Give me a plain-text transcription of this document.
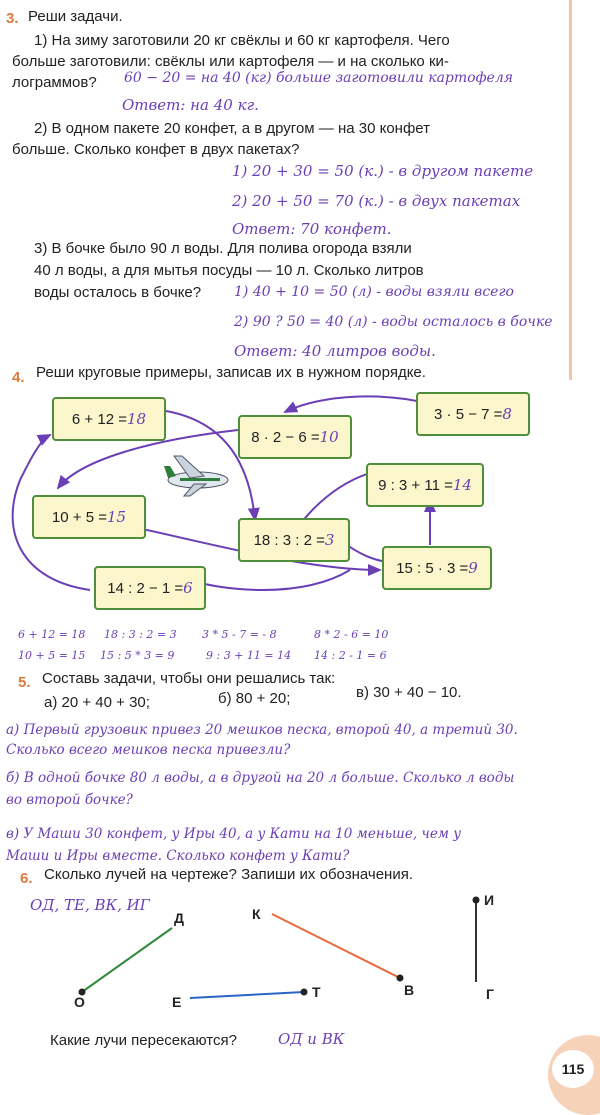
3. Реши задачи.
1) На зиму заготовили 20 кг свёклы и 60 кг картофеля. Чего
больше заготовили: свёклы или картофеля — и на сколько ки-
лограммов? 60 − 20 = на 40 (кг) больше заготовили картофеля
Ответ: на 40 кг.
2) В одном пакете 20 конфет, а в другом — на 30 конфет
больше. Сколько конфет в двух пакетах?
1) 20 + 30 = 50 (к.) - в другом пакете
2) 20 + 50 = 70 (к.) - в двух пакетах
Ответ: 70 конфет.
3) В бочке было 90 л воды. Для полива огорода взяли
40 л воды, а для мытья посуды — 10 л. Сколько литров
воды осталось в бочке? 1) 40 + 10 = 50 (л) - воды взяли всего
2) 90 ? 50 = 40 (л) - воды осталось в бочке
Ответ: 40 литров воды.
4. Реши круговые примеры, записав их в нужном порядке.
6 + 12 = 18
8 · 2 − 6 = 10
3 · 5 − 7 = 8
9 : 3 + 11 = 14
10 + 5 = 15
18 : 3 : 2 = 3
15 : 5 · 3 = 9
14 : 2 − 1 = 6
6 + 12 = 18 18 : 3 : 2 = 3 3 * 5 - 7 = - 8	8 * 2 - 6 = 10
10 + 5 = 15 15 : 5 * 3 = 9	9 : 3 + 11 = 14 14 : 2 - 1 = 6
5. Составь задачи, чтобы они решались так:
а) 20 + 40 + 30;	б) 80 + 20;	в) 30 + 40 − 10.
а) Первый грузовик привез 20 мешков песка, второй 40, а третий 30.
Сколько всего мешков песка привезли?
б) В одной бочке 80 л воды, а в другой на 20 л больше. Сколько л воды
во второй бочке?
в) У Маши 30 конфет, у Иры 40, а у Кати на 10 меньше, чем у
Маши и Иры вместе. Сколько конфет у Кати?
6. Сколько лучей на чертеже? Запиши их обозначения.
ОД, ТЕ, ВК, ИГ
Д
О
К
В
Е
Т
И
Г
Какие лучи пересекаются?	ОД и ВК
115
